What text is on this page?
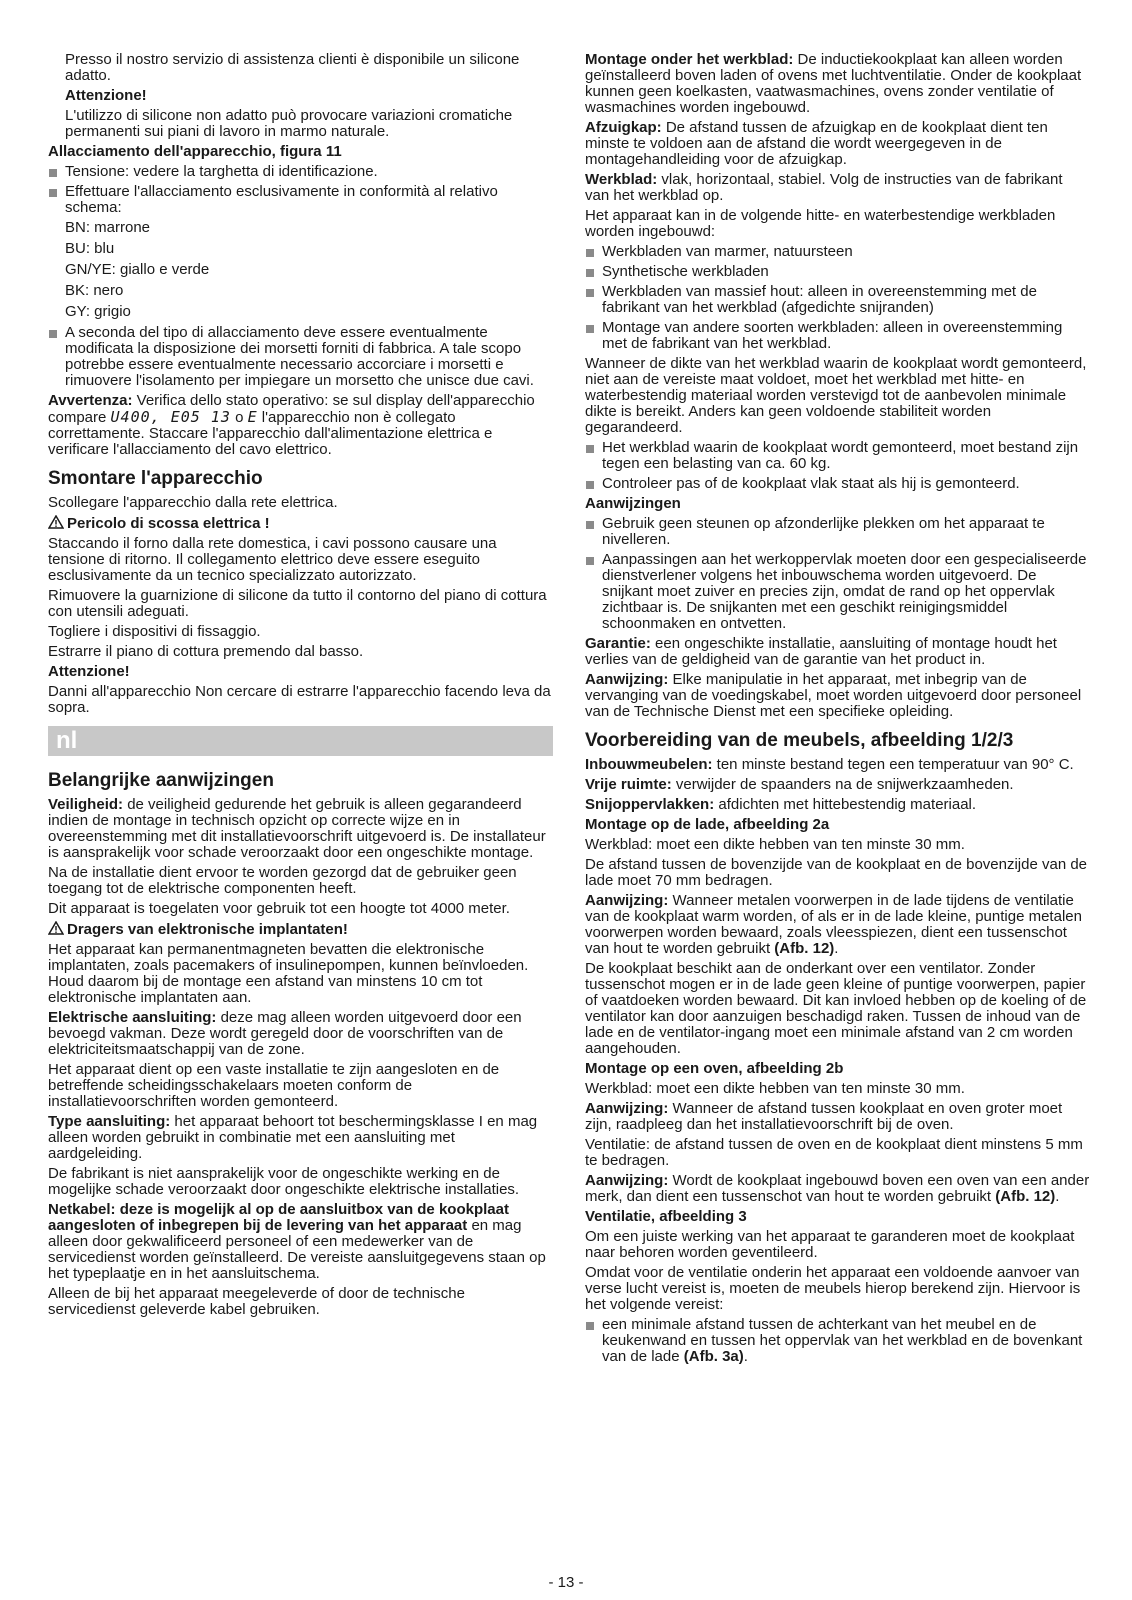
Presso il nostro servizio di assistenza clienti è disponibile un silicone adatto.

Attenzione!

L'utilizzo di silicone non adatto può provocare variazioni cromatiche permanenti sui piani di lavoro in marmo naturale.

Allacciamento dell'apparecchio, figura 11

Tensione: vedere la targhetta di identificazione.
Effettuare l'allacciamento esclusivamente in conformità al relativo schema:
BN: marrone
BU: blu
GN/YE: giallo e verde
BK: nero
GY: grigio
A seconda del tipo di allacciamento deve essere eventualmente modificata la disposizione dei morsetti forniti di fabbrica. A tale scopo potrebbe essere eventualmente necessario accorciare i morsetti e rimuovere l'isolamento per impiegare un morsetto che unisce due cavi.

Avvertenza: Verifica dello stato operativo: se sul display dell'apparecchio compare U400, E05 13 o E l'apparecchio non è collegato correttamente. Staccare l'apparecchio dall'alimentazione elettrica e verificare l'allacciamento del cavo elettrico.

Smontare l'apparecchio

Scollegare l'apparecchio dalla rete elettrica.

Pericolo di scossa elettrica !

Staccando il forno dalla rete domestica, i cavi possono causare una tensione di ritorno. Il collegamento elettrico deve essere eseguito esclusivamente da un tecnico specializzato autorizzato.

Rimuovere la guarnizione di silicone da tutto il contorno del piano di cottura con utensili adeguati.

Togliere i dispositivi di fissaggio.

Estrarre il piano di cottura premendo dal basso.

Attenzione!

Danni all'apparecchio Non cercare di estrarre l'apparecchio facendo leva da sopra.

nl
Belangrijke aanwijzingen

Veiligheid: de veiligheid gedurende het gebruik is alleen gegarandeerd indien de montage in technisch opzicht op correcte wijze en in overeenstemming met dit installatievoorschrift uitgevoerd is. De installateur is aansprakelijk voor schade veroorzaakt door een ongeschikte montage.

Na de installatie dient ervoor te worden gezorgd dat de gebruiker geen toegang tot de elektrische componenten heeft.

Dit apparaat is toegelaten voor gebruik tot een hoogte tot 4000 meter.

Dragers van elektronische implantaten!

Het apparaat kan permanentmagneten bevatten die elektronische implantaten, zoals pacemakers of insulinepompen, kunnen beïnvloeden. Houd daarom bij de montage een afstand van minstens 10 cm tot elektronische implantaten aan.

Elektrische aansluiting: deze mag alleen worden uitgevoerd door een bevoegd vakman. Deze wordt geregeld door de voorschriften van de elektriciteitsmaatschappij van de zone.

Het apparaat dient op een vaste installatie te zijn aangesloten en de betreffende scheidingsschakelaars moeten conform de installatievoorschriften worden gemonteerd.

Type aansluiting: het apparaat behoort tot beschermingsklasse I en mag alleen worden gebruikt in combinatie met een aansluiting met aardgeleiding.

De fabrikant is niet aansprakelijk voor de ongeschikte werking en de mogelijke schade veroorzaakt door ongeschikte elektrische installaties.

Netkabel: deze is mogelijk al op de aansluitbox van de kookplaat aangesloten of inbegrepen bij de levering van het apparaat en mag alleen door gekwalificeerd personeel of een medewerker van de servicedienst worden geïnstalleerd. De vereiste aansluitgegevens staan op het typeplaatje en in het aansluitschema.

Alleen de bij het apparaat meegeleverde of door de technische servicedienst geleverde kabel gebruiken.

Montage onder het werkblad: De inductiekookplaat kan alleen worden geïnstalleerd boven laden of ovens met luchtventilatie. Onder de kookplaat kunnen geen koelkasten, vaatwasmachines, ovens zonder ventilatie of wasmachines worden ingebouwd.

Afzuigkap: De afstand tussen de afzuigkap en de kookplaat dient ten minste te voldoen aan de afstand die wordt weergegeven in de montagehandleiding voor de afzuigkap.

Werkblad: vlak, horizontaal, stabiel. Volg de instructies van de fabrikant van het werkblad op.

Het apparaat kan in de volgende hitte- en waterbestendige werkbladen worden ingebouwd:

Werkbladen van marmer, natuursteen
Synthetische werkbladen
Werkbladen van massief hout: alleen in overeenstemming met de fabrikant van het werkblad (afgedichte snijranden)
Montage van andere soorten werkbladen: alleen in overeenstemming met de fabrikant van het werkblad.

Wanneer de dikte van het werkblad waarin de kookplaat wordt gemonteerd, niet aan de vereiste maat voldoet, moet het werkblad met hitte- en waterbestendig materiaal worden verstevigd tot de aanbevolen minimale dikte is bereikt. Anders kan geen voldoende stabiliteit worden gegarandeerd.

Het werkblad waarin de kookplaat wordt gemonteerd, moet bestand zijn tegen een belasting van ca. 60 kg.
Controleer pas of de kookplaat vlak staat als hij is gemonteerd.

Aanwijzingen

Gebruik geen steunen op afzonderlijke plekken om het apparaat te nivelleren.
Aanpassingen aan het werkoppervlak moeten door een gespecialiseerde dienstverlener volgens het inbouwschema worden uitgevoerd. De snijkant moet zuiver en precies zijn, omdat de rand op het oppervlak zichtbaar is. De snijkanten met een geschikt reinigingsmiddel schoonmaken en ontvetten.

Garantie: een ongeschikte installatie, aansluiting of montage houdt het verlies van de geldigheid van de garantie van het product in.

Aanwijzing: Elke manipulatie in het apparaat, met inbegrip van de vervanging van de voedingskabel, moet worden uitgevoerd door personeel van de Technische Dienst met een specifieke opleiding.

Voorbereiding van de meubels, afbeelding 1/2/3

Inbouwmeubelen: ten minste bestand tegen een temperatuur van 90° C.

Vrije ruimte: verwijder de spaanders na de snijwerkzaamheden.

Snijoppervlakken: afdichten met hittebestendig materiaal.

Montage op de lade, afbeelding 2a

Werkblad: moet een dikte hebben van ten minste 30 mm.

De afstand tussen de bovenzijde van de kookplaat en de bovenzijde van de lade moet 70 mm bedragen.

Aanwijzing: Wanneer metalen voorwerpen in de lade tijdens de ventilatie van de kookplaat warm worden, of als er in de lade kleine, puntige metalen voorwerpen worden bewaard, zoals vleesspiezen, dient een tussenschot van hout te worden gebruikt (Afb. 12).

De kookplaat beschikt aan de onderkant over een ventilator. Zonder tussenschot mogen er in de lade geen kleine of puntige voorwerpen, papier of vaatdoeken worden bewaard. Dit kan invloed hebben op de koeling of de ventilator kan door aanzuigen beschadigd raken. Tussen de inhoud van de lade en de ventilator-ingang moet een minimale afstand van 2 cm worden aangehouden.

Montage op een oven, afbeelding 2b

Werkblad: moet een dikte hebben van ten minste 30 mm.

Aanwijzing: Wanneer de afstand tussen kookplaat en oven groter moet zijn, raadpleeg dan het installatievoorschrift bij de oven.

Ventilatie: de afstand tussen de oven en de kookplaat dient minstens 5 mm te bedragen.

Aanwijzing: Wordt de kookplaat ingebouwd boven een oven van een ander merk, dan dient een tussenschot van hout te worden gebruikt (Afb. 12).

Ventilatie, afbeelding 3

Om een juiste werking van het apparaat te garanderen moet de kookplaat naar behoren worden geventileerd.

Omdat voor de ventilatie onderin het apparaat een voldoende aanvoer van verse lucht vereist is, moeten de meubels hierop berekend zijn. Hiervoor is het volgende vereist:

een minimale afstand tussen de achterkant van het meubel en de keukenwand en tussen het oppervlak van het werkblad en de bovenkant van de lade (Afb. 3a).
- 13 -
